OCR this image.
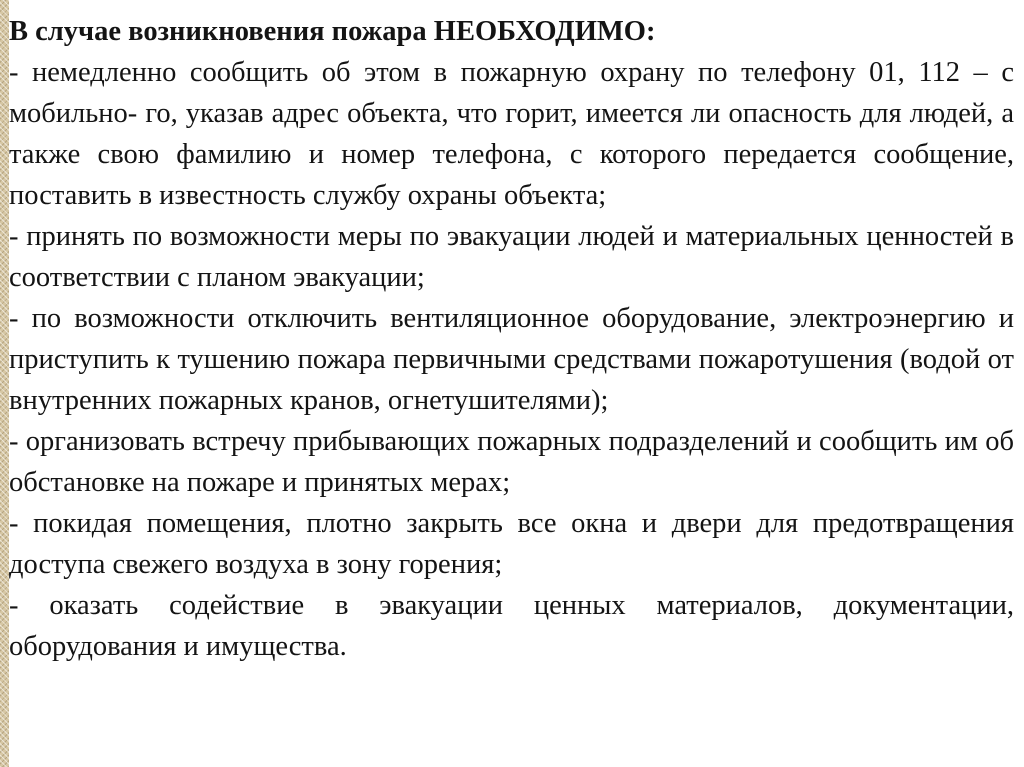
В случае возникновения пожара НЕОБХОДИМО:

- немедленно сообщить об этом в пожарную охрану по телефону 01, 112 – с мобильно- го, указав адрес объекта, что горит, имеется ли опасность для людей, а также свою фамилию и номер телефона, с которого передается сообщение, поставить в известность службу охраны объекта;

- принять по возможности меры по эвакуации людей и материальных ценностей в соответствии с планом эвакуации;

- по возможности отключить вентиляционное оборудование, электроэнергию и приступить к тушению пожара первичными средствами пожаротушения (водой от внутренних пожарных кранов, огнетушителями);

- организовать встречу прибывающих пожарных подразделений и сообщить им об обстановке на пожаре и принятых мерах;

- покидая помещения, плотно закрыть все окна и двери для предотвращения доступа свежего воздуха в зону горения;

- оказать содействие в эвакуации ценных материалов, документации, оборудования и имущества.
